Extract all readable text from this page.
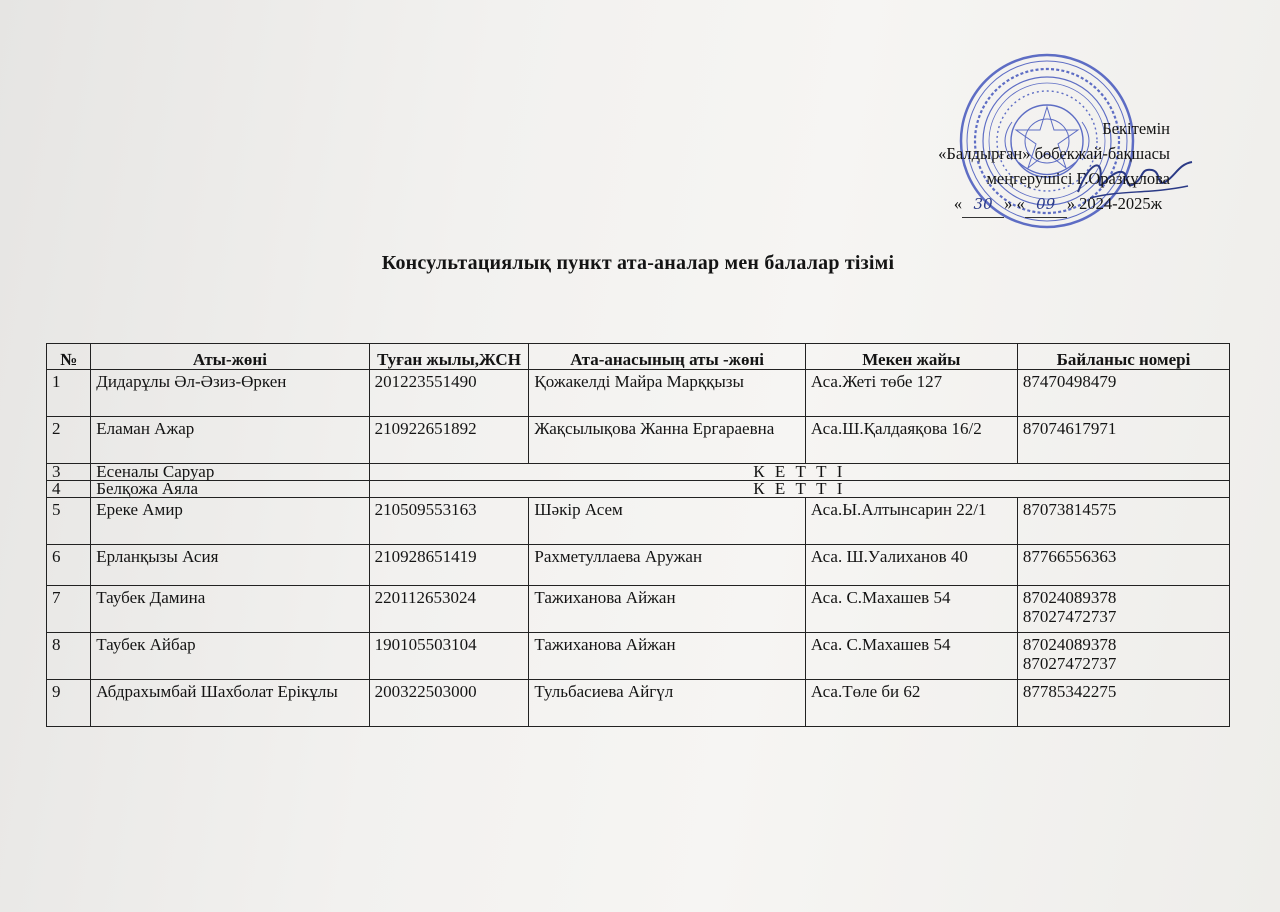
Бекітемін
«Балдырған» бөбекжай-бақшасы
меңгерушісі Г.Оразқұлова
« 30 » « 09 » 2024-2025ж
Консультациялық пункт ата-аналар мен балалар тізімі
№	Аты-жөні	Туған жылы,ЖСН	Ата-анасының аты -жөні	Мекен жайы	Байланыс номері
1	Дидарұлы Әл-Әзиз-Өркен	201223551490	Қожакелді Майра Марққызы	Аса.Жеті төбе 127	87470498479
2	Еламан Ажар	210922651892	Жақсылықова Жанна Ергараевна	Аса.Ш.Қалдаяқова 16/2	87074617971
3	Есеналы Саруар	К Е Т Т І			
4	Белқожа Аяла	К Е Т Т І			
5	Ереке Амир	210509553163	Шәкір Асем	Аса.Ы.Алтынсарин 22/1	87073814575
6	Ерланқызы Асия	210928651419	Рахметуллаева Аружан	Аса. Ш.Уалиханов 40	87766556363
7	Таубек Дамина	220112653024	Тажиханова Айжан	Аса. С.Махашев 54	87024089378
87027472737

8	Таубек Айбар	190105503104	Тажиханова Айжан	Аса. С.Махашев 54	87024089378
87027472737

9	Абдрахымбай Шахболат Ерікұлы	200322503000	Тульбасиева Айгүл	Аса.Төле би 62	87785342275
